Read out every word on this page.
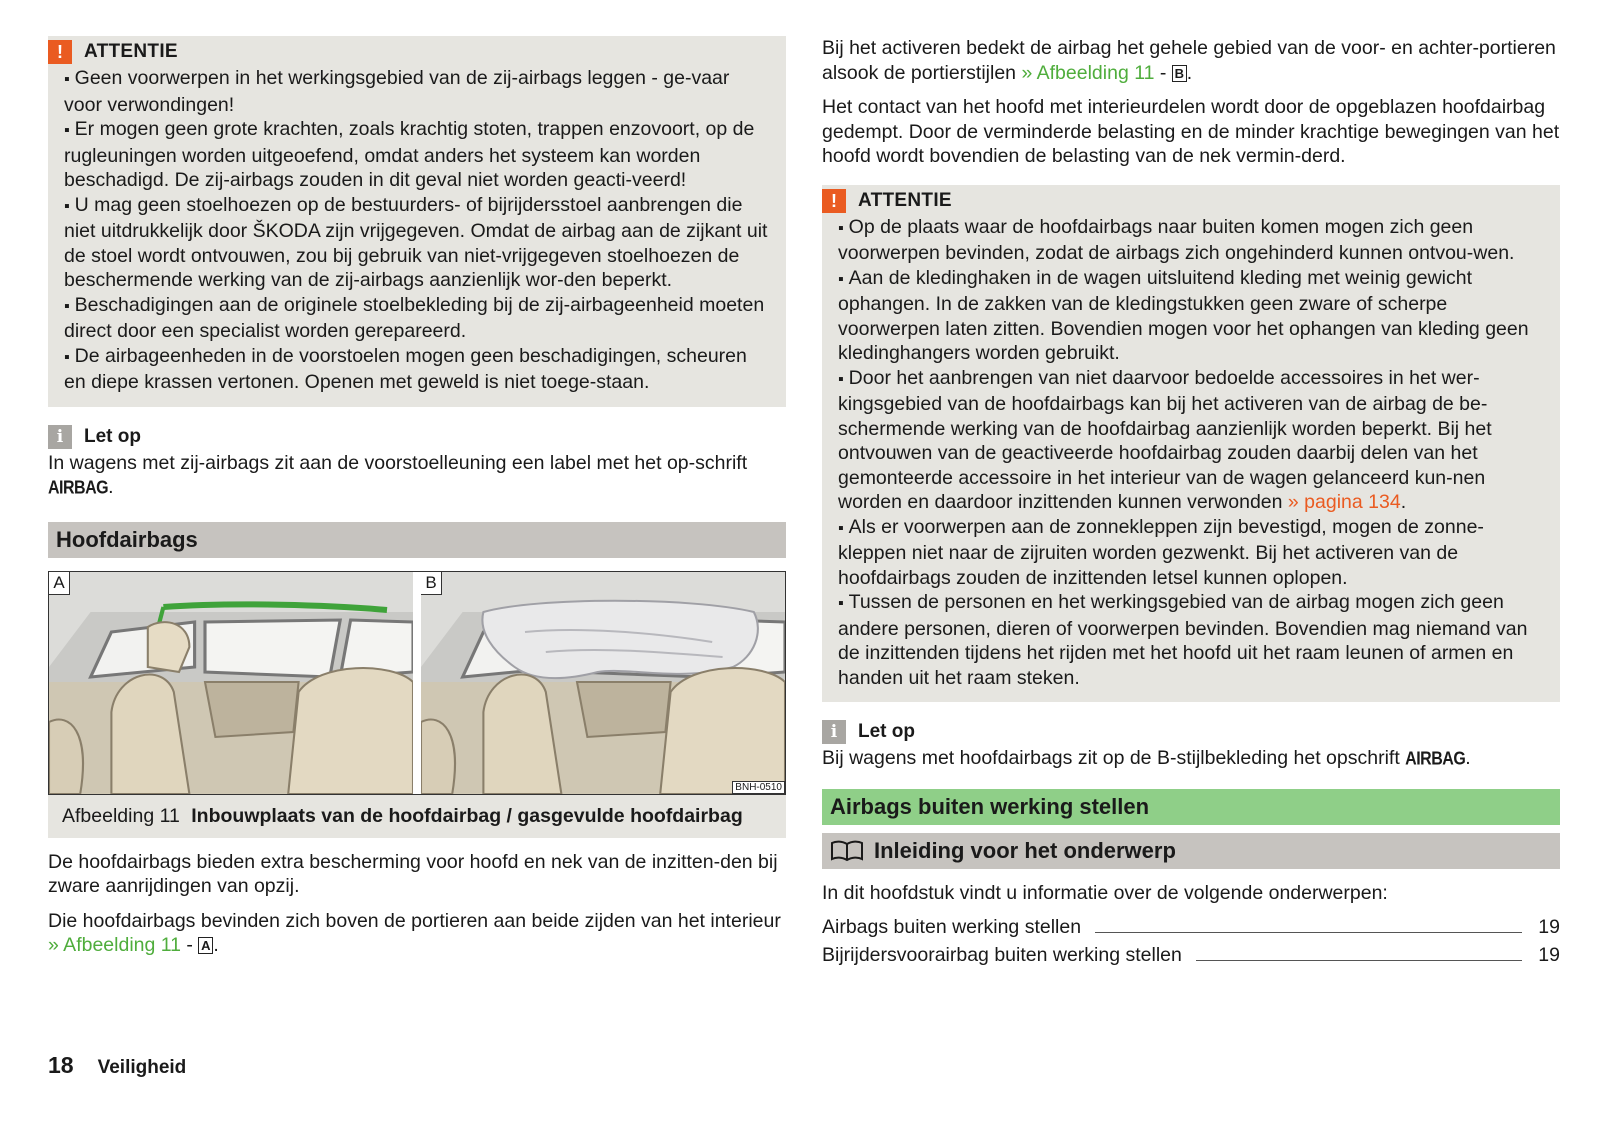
!	ATTENTIE

▪ Geen voorwerpen in het werkingsgebied van de zij-airbags leggen - ge-vaar voor verwondingen!

▪ Er mogen geen grote krachten, zoals krachtig stoten, trappen enzovoort, op de rugleuningen worden uitgeoefend, omdat anders het systeem kan worden beschadigd. De zij-airbags zouden in dit geval niet worden geacti-veerd!

▪ U mag geen stoelhoezen op de bestuurders- of bijrijdersstoel aanbrengen die niet uitdrukkelijk door ŠKODA zijn vrijgegeven. Omdat de airbag aan de zijkant uit de stoel wordt ontvouwen, zou bij gebruik van niet-vrijgegeven stoelhoezen de beschermende werking van de zij-airbags aanzienlijk wor-den beperkt.

▪ Beschadigingen aan de originele stoelbekleding bij de zij-airbageenheid moeten direct door een specialist worden gerepareerd.

▪ De airbageenheden in de voorstoelen mogen geen beschadigingen, scheuren en diepe krassen vertonen. Openen met geweld is niet toege-staan.

i	Let op

In wagens met zij-airbags zit aan de voorstoelleuning een label met het op-schrift AIRBAG.

Hoofdairbags
A	B
BNH-0510
Afbeelding 11 Inbouwplaats van de hoofdairbag / gasgevulde hoofdairbag

De hoofdairbags bieden extra bescherming voor hoofd en nek van de inzitten-den bij zware aanrijdingen van opzij.

Die hoofdairbags bevinden zich boven de portieren aan beide zijden van het interieur » Afbeelding 11 - A .

Bij het activeren bedekt de airbag het gehele gebied van de voor- en achter-portieren alsook de portierstijlen » Afbeelding 11 - B .

Het contact van het hoofd met interieurdelen wordt door de opgeblazen hoofdairbag gedempt. Door de verminderde belasting en de minder krachtige bewegingen van het hoofd wordt bovendien de belasting van de nek vermin-derd.

!	ATTENTIE

▪ Op de plaats waar de hoofdairbags naar buiten komen mogen zich geen voorwerpen bevinden, zodat de airbags zich ongehinderd kunnen ontvou-wen.

▪ Aan de kledinghaken in de wagen uitsluitend kleding met weinig gewicht ophangen. In de zakken van de kledingstukken geen zware of scherpe voorwerpen laten zitten. Bovendien mogen voor het ophangen van kleding geen kledinghangers worden gebruikt.

▪ Door het aanbrengen van niet daarvoor bedoelde accessoires in het wer-kingsgebied van de hoofdairbags kan bij het activeren van de airbag de be-schermende werking van de hoofdairbag aanzienlijk worden beperkt. Bij het ontvouwen van de geactiveerde hoofdairbag zouden daarbij delen van het gemonteerde accessoire in het interieur van de wagen gelanceerd kun-nen worden en daardoor inzittenden kunnen verwonden » pagina 134.

▪ Als er voorwerpen aan de zonnekleppen zijn bevestigd, mogen de zonne-kleppen niet naar de zijruiten worden gezwenkt. Bij het activeren van de hoofdairbags zouden de inzittenden letsel kunnen oplopen.

▪ Tussen de personen en het werkingsgebied van de airbag mogen zich geen andere personen, dieren of voorwerpen bevinden. Bovendien mag niemand van de inzittenden tijdens het rijden met het hoofd uit het raam leunen of armen en handen uit het raam steken.

i	Let op

Bij wagens met hoofdairbags zit op de B-stijlbekleding het opschrift AIRBAG.

Airbags buiten werking stellen
Inleiding voor het onderwerp

In dit hoofdstuk vindt u informatie over de volgende onderwerpen:

Airbags buiten werking stellen	19
Bijrijdersvoorairbag buiten werking stellen	19
18 Veiligheid
